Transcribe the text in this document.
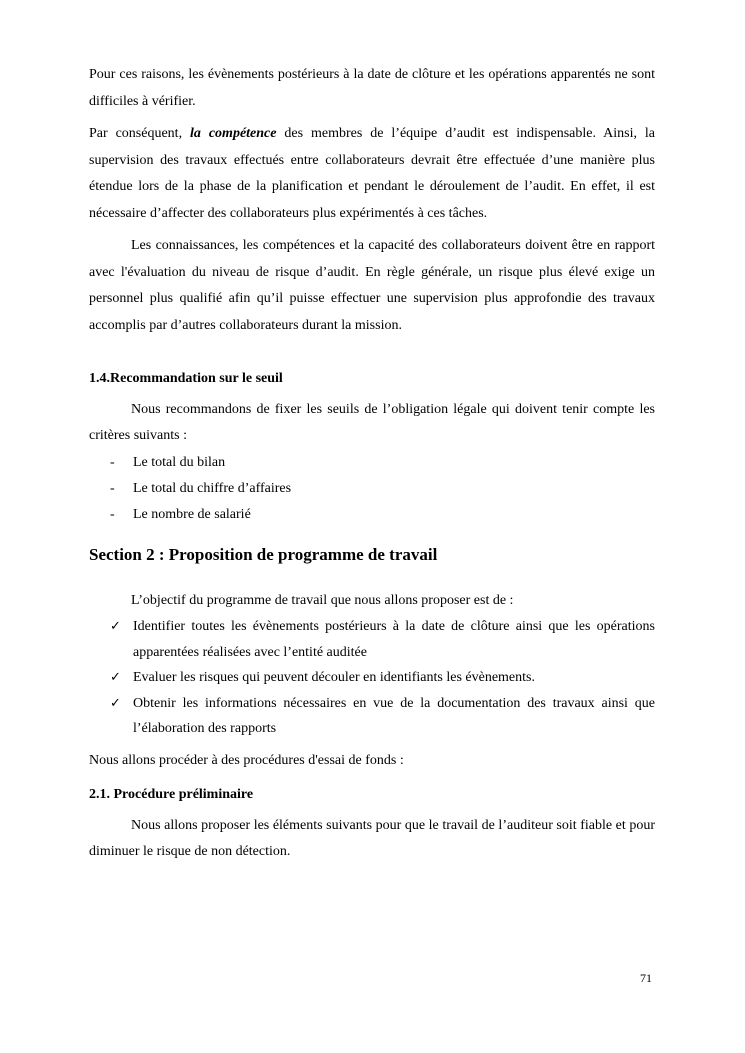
Pour ces raisons, les évènements postérieurs à la date de clôture et les opérations apparentés ne sont difficiles à vérifier.

Par conséquent, la compétence des membres de l’équipe d’audit est indispensable. Ainsi, la supervision des travaux effectués entre collaborateurs devrait être effectuée d’une manière plus étendue lors de la phase de la planification et pendant le déroulement de l’audit. En effet, il est nécessaire d’affecter des collaborateurs plus expérimentés à ces tâches.

Les connaissances, les compétences et la capacité des collaborateurs doivent être en rapport avec l'évaluation du niveau de risque d’audit. En règle générale, un risque plus élevé exige un personnel plus qualifié afin qu’il puisse effectuer une supervision plus approfondie des travaux accomplis par d’autres collaborateurs durant la mission.

1.4.Recommandation sur le seuil

Nous recommandons de fixer les seuils de l’obligation légale qui doivent tenir compte les critères suivants :

- Le total du bilan
- Le total du chiffre d’affaires
- Le nombre de salarié
Section 2 : Proposition de programme de travail

L’objectif du programme de travail que nous allons proposer est de :

✓ Identifier toutes les évènements postérieurs à la date de clôture ainsi que les opérations apparentées réalisées avec l’entité auditée
✓ Evaluer les risques qui peuvent découler en identifiants les évènements.
✓ Obtenir les informations nécessaires en vue de la documentation des travaux ainsi que l’élaboration des rapports

Nous allons procéder à des procédures d'essai de fonds :

2.1. Procédure préliminaire

Nous allons proposer les éléments suivants pour que le travail de l’auditeur soit fiable et pour diminuer le risque de non détection.

71
